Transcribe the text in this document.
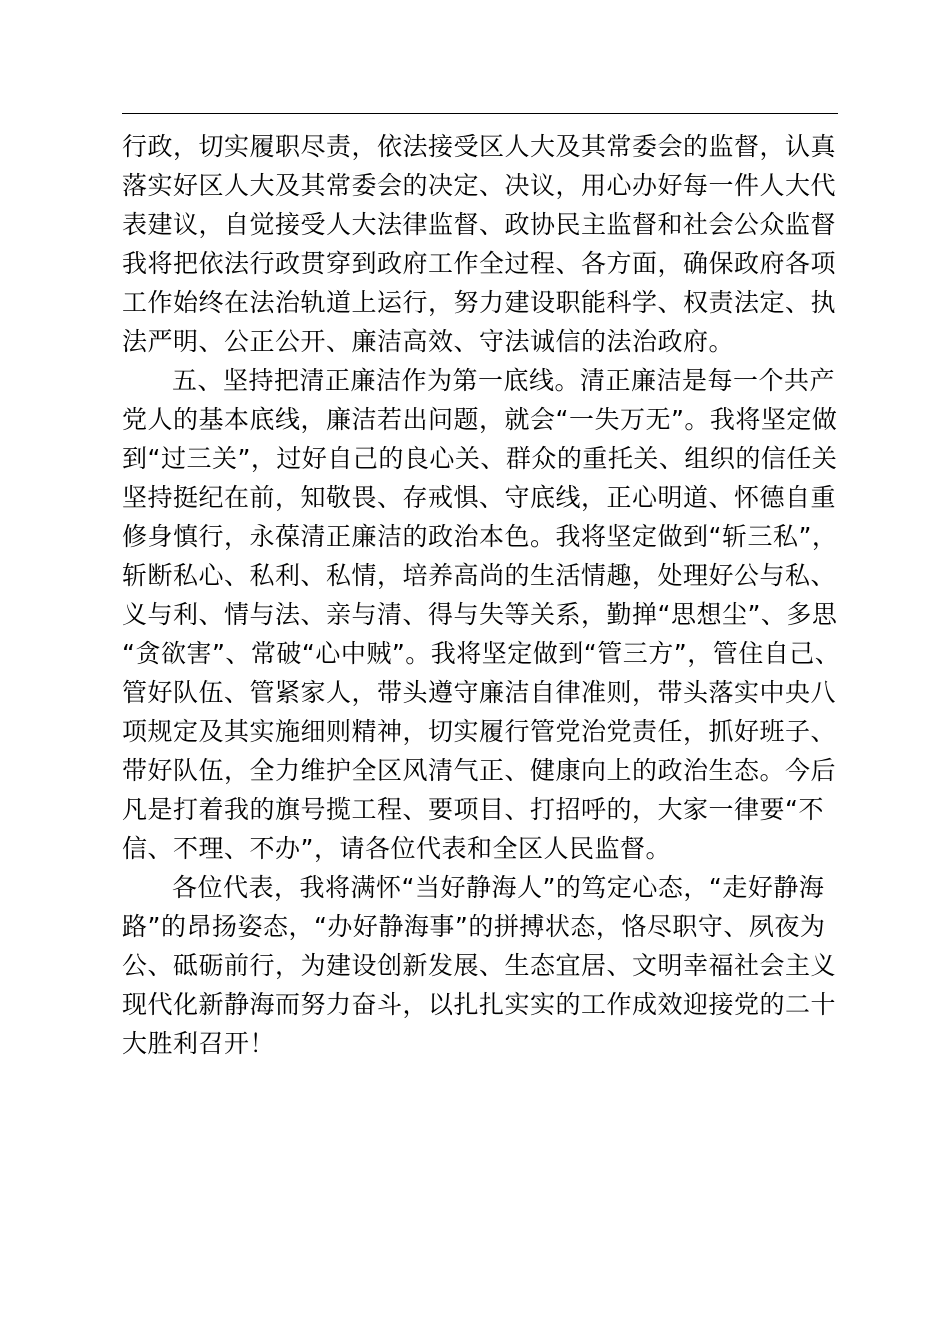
行政，切实履职尽责，依法接受区人大及其常委会的监督，认真
落实好区人大及其常委会的决定、决议，用心办好每一件人大代
表建议，自觉接受人大法律监督、政协民主监督和社会公众监督
我将把依法行政贯穿到政府工作全过程、各方面，确保政府各项
工作始终在法治轨道上运行，努力建设职能科学、权责法定、执
法严明、公正公开、廉洁高效、守法诚信的法治政府。
五、坚持把清正廉洁作为第一底线。清正廉洁是每一个共产
党人的基本底线，廉洁若出问题，就会“一失万无”。我将坚定做
到“过三关”，过好自己的良心关、群众的重托关、组织的信任关
坚持挺纪在前，知敬畏、存戒惧、守底线，正心明道、怀德自重
修身慎行，永葆清正廉洁的政治本色。我将坚定做到“斩三私”，
斩断私心、私利、私情，培养高尚的生活情趣，处理好公与私、
义与利、情与法、亲与清、得与失等关系，勤掸“思想尘”、多思
“贪欲害”、常破“心中贼”。我将坚定做到“管三方”，管住自己、
管好队伍、管紧家人，带头遵守廉洁自律准则，带头落实中央八
项规定及其实施细则精神，切实履行管党治党责任，抓好班子、
带好队伍，全力维护全区风清气正、健康向上的政治生态。今后
凡是打着我的旗号揽工程、要项目、打招呼的，大家一律要“不
信、不理、不办”，请各位代表和全区人民监督。
各位代表，我将满怀“当好静海人”的笃定心态，“走好静海
路”的昂扬姿态，“办好静海事”的拼搏状态，恪尽职守、夙夜为
公、砥砺前行，为建设创新发展、生态宜居、文明幸福社会主义
现代化新静海而努力奋斗，以扎扎实实的工作成效迎接党的二十
大胜利召开！
